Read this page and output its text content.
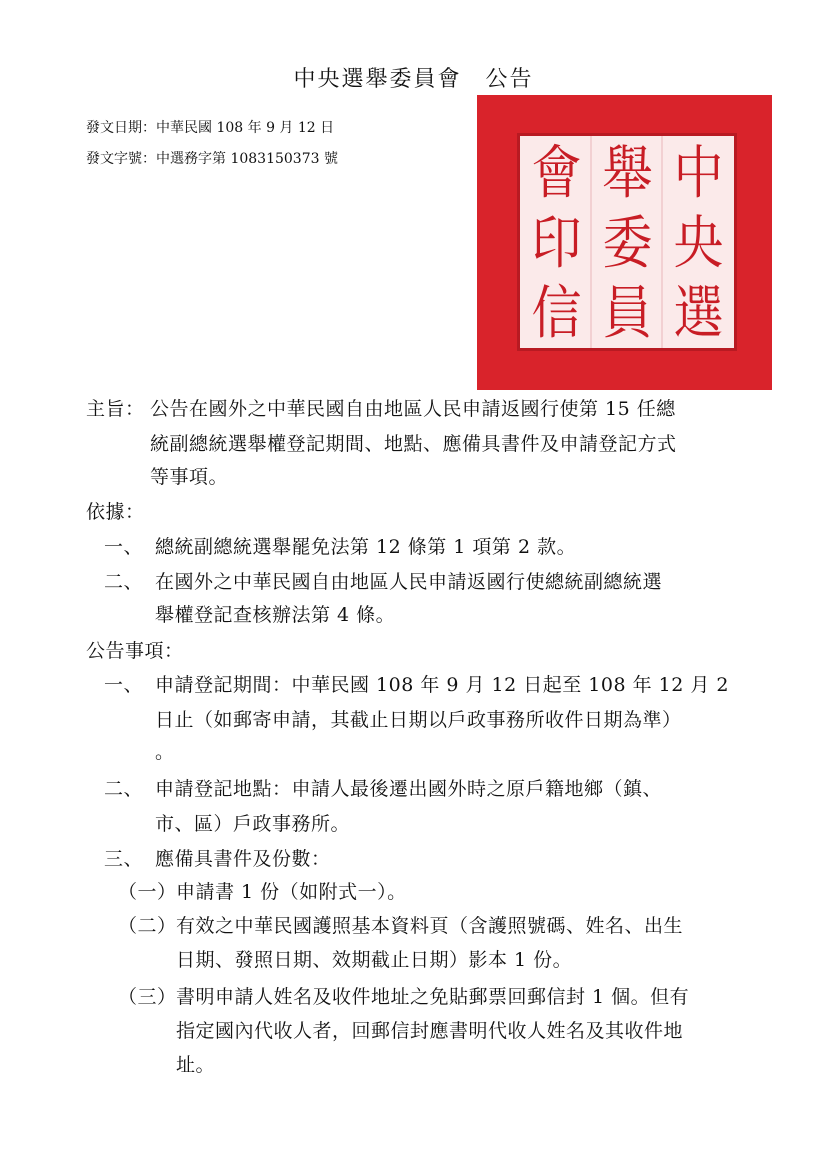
中央選舉委員會　公告
發文日期：中華民國 108 年 9 月 12 日
發文字號：中選務字第 1083150373 號	中
央
選
舉
委
員
會
印
信
主旨： 公告在國外之中華民國自由地區人民申請返國行使第 15 任總
統副總統選舉權登記期間、地點、應備具書件及申請登記方式
等事項。
依據：
一、 總統副總統選舉罷免法第 12 條第 1 項第 2 款。
二、 在國外之中華民國自由地區人民申請返國行使總統副總統選
舉權登記查核辦法第 4 條。
公告事項：
一、 申請登記期間：中華民國 108 年 9 月 12 日起至 108 年 12 月 2
日止（如郵寄申請，其截止日期以戶政事務所收件日期為準）
。
二、 申請登記地點：申請人最後遷出國外時之原戶籍地鄉（鎮、
市、區）戶政事務所。
三、 應備具書件及份數：
（一） 申請書 1 份（如附式一）。
（二） 有效之中華民國護照基本資料頁（含護照號碼、姓名、出生
日期、發照日期、效期截止日期）影本 1 份。
（三） 書明申請人姓名及收件地址之免貼郵票回郵信封 1 個。但有
指定國內代收人者，回郵信封應書明代收人姓名及其收件地
址。
